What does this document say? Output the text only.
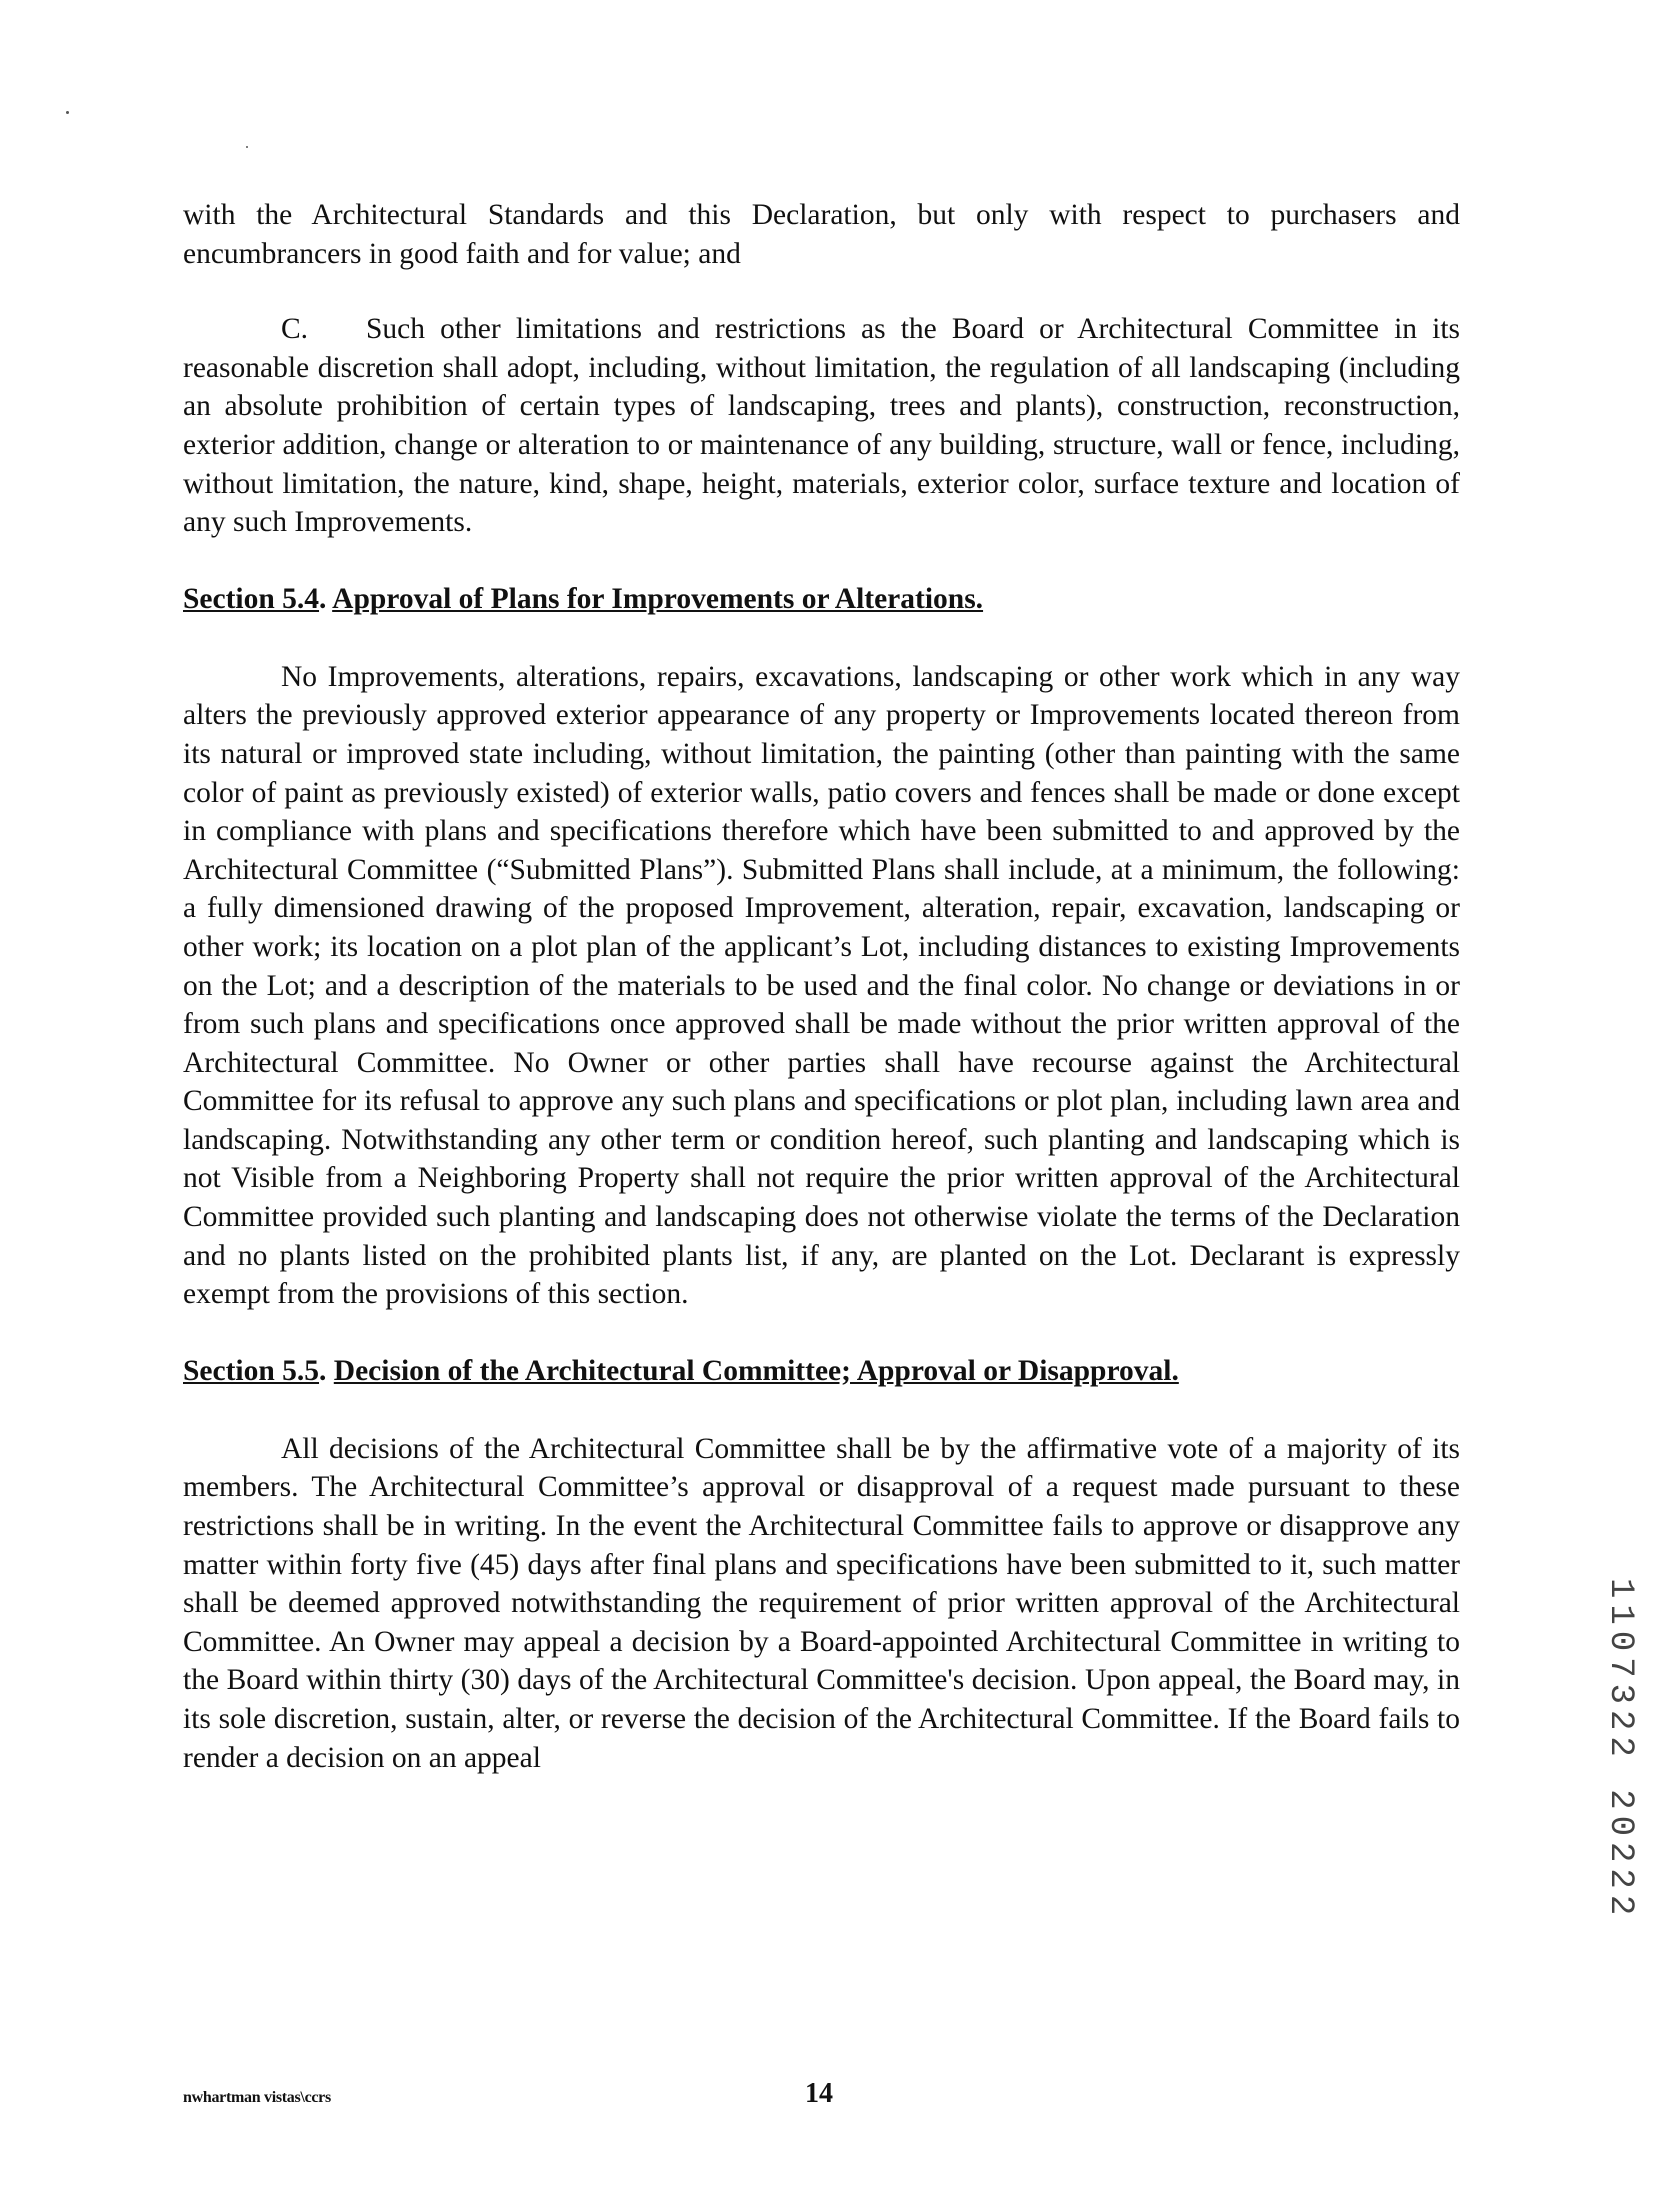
with the Architectural Standards and this Declaration, but only with respect to purchasers and encumbrancers in good faith and for value; and

C. Such other limitations and restrictions as the Board or Architectural Committee in its reasonable discretion shall adopt, including, without limitation, the regulation of all landscaping (including an absolute prohibition of certain types of landscaping, trees and plants), construction, reconstruction, exterior addition, change or alteration to or maintenance of any building, structure, wall or fence, including, without limitation, the nature, kind, shape, height, materials, exterior color, surface texture and location of any such Improvements.

Section 5.4. Approval of Plans for Improvements or Alterations.

No Improvements, alterations, repairs, excavations, landscaping or other work which in any way alters the previously approved exterior appearance of any property or Improvements located thereon from its natural or improved state including, without limitation, the painting (other than painting with the same color of paint as previously existed) of exterior walls, patio covers and fences shall be made or done except in compliance with plans and specifications therefore which have been submitted to and approved by the Architectural Committee (“Submitted Plans”). Submitted Plans shall include, at a minimum, the following: a fully dimensioned drawing of the proposed Improvement, alteration, repair, excavation, landscaping or other work; its location on a plot plan of the applicant’s Lot, including distances to existing Improvements on the Lot; and a description of the materials to be used and the final color. No change or deviations in or from such plans and specifications once approved shall be made without the prior written approval of the Architectural Committee. No Owner or other parties shall have recourse against the Architectural Committee for its refusal to approve any such plans and specifications or plot plan, including lawn area and landscaping. Notwithstanding any other term or condition hereof, such planting and landscaping which is not Visible from a Neighboring Property shall not require the prior written approval of the Architectural Committee provided such planting and landscaping does not otherwise violate the terms of the Declaration and no plants listed on the prohibited plants list, if any, are planted on the Lot. Declarant is expressly exempt from the provisions of this section.

Section 5.5. Decision of the Architectural Committee; Approval or Disapproval.

All decisions of the Architectural Committee shall be by the affirmative vote of a majority of its members. The Architectural Committee’s approval or disapproval of a request made pursuant to these restrictions shall be in writing. In the event the Architectural Committee fails to approve or disapprove any matter within forty five (45) days after final plans and specifications have been submitted to it, such matter shall be deemed approved notwithstanding the requirement of prior written approval of the Architectural Committee. An Owner may appeal a decision by a Board-appointed Architectural Committee in writing to the Board within thirty (30) days of the Architectural Committee's decision. Upon appeal, the Board may, in its sole discretion, sustain, alter, or reverse the decision of the Architectural Committee. If the Board fails to render a decision on an appeal

nwhartman vistas\ccrs	14
1107322 20222
